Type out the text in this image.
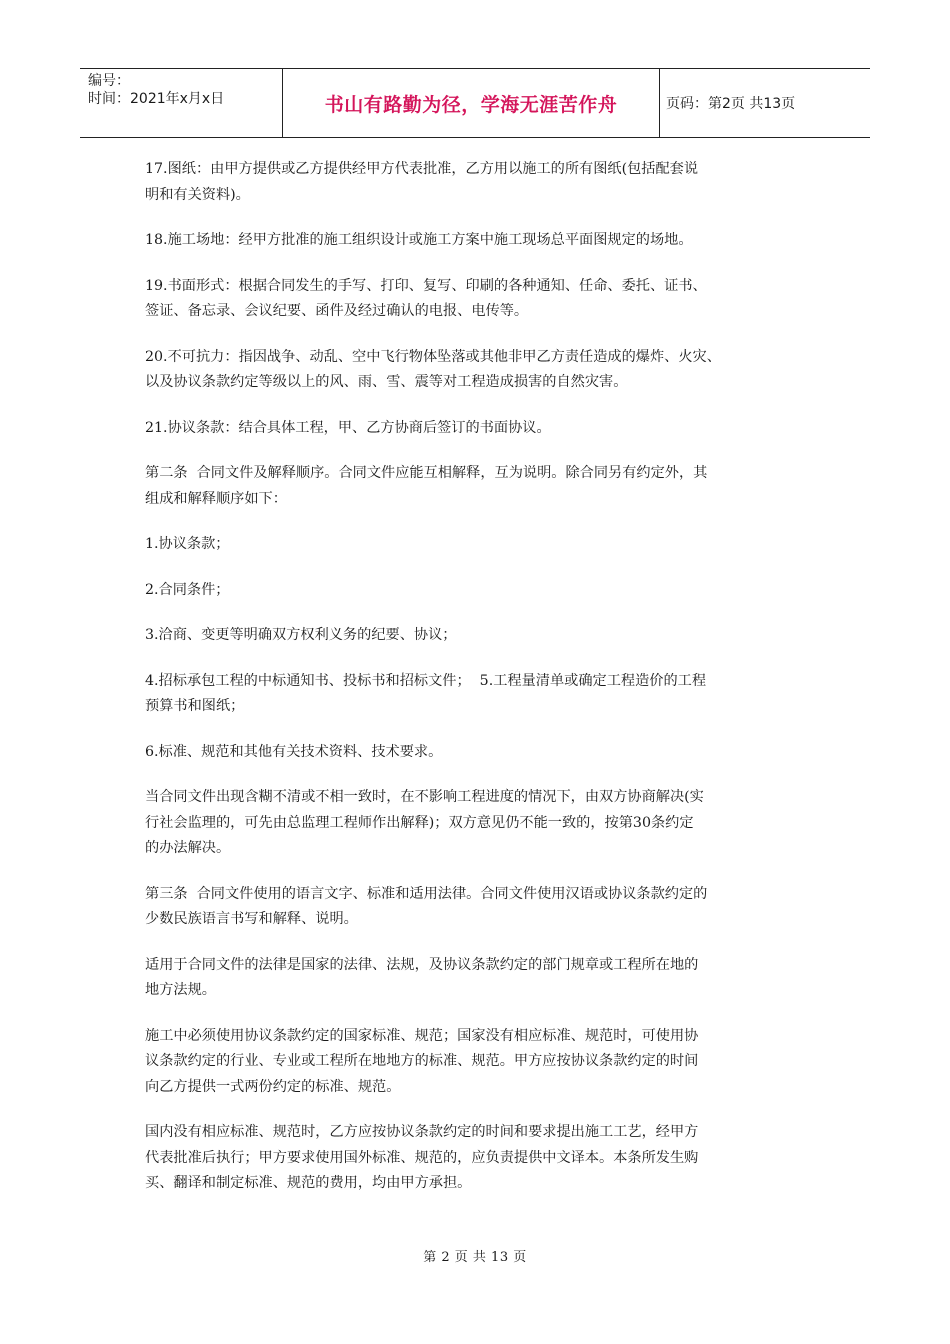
编号：
时间：2021年x月x日	书山有路勤为径，学海无涯苦作舟	页码：第2页 共13页

17.图纸：由甲方提供或乙方提供经甲方代表批准，乙方用以施工的所有图纸(包括配套说
明和有关资料)。

18.施工场地：经甲方批准的施工组织设计或施工方案中施工现场总平面图规定的场地。

19.书面形式：根据合同发生的手写、打印、复写、印刷的各种通知、任命、委托、证书、
签证、备忘录、会议纪要、函件及经过确认的电报、电传等。

20.不可抗力：指因战争、动乱、空中飞行物体坠落或其他非甲乙方责任造成的爆炸、火灾、
以及协议条款约定等级以上的风、雨、雪、震等对工程造成损害的自然灾害。

21.协议条款：结合具体工程，甲、乙方协商后签订的书面协议。

第二条  合同文件及解释顺序。合同文件应能互相解释，互为说明。除合同另有约定外，其
组成和解释顺序如下：

1.协议条款；

2.合同条件；

3.洽商、变更等明确双方权利义务的纪要、协议；

4.招标承包工程的中标通知书、投标书和招标文件；  5.工程量清单或确定工程造价的工程
预算书和图纸；

6.标准、规范和其他有关技术资料、技术要求。

当合同文件出现含糊不清或不相一致时，在不影响工程进度的情况下，由双方协商解决(实
行社会监理的，可先由总监理工程师作出解释)；双方意见仍不能一致的，按第30条约定
的办法解决。

第三条  合同文件使用的语言文字、标准和适用法律。合同文件使用汉语或协议条款约定的
少数民族语言书写和解释、说明。

适用于合同文件的法律是国家的法律、法规，及协议条款约定的部门规章或工程所在地的
地方法规。

施工中必须使用协议条款约定的国家标准、规范；国家没有相应标准、规范时，可使用协
议条款约定的行业、专业或工程所在地地方的标准、规范。甲方应按协议条款约定的时间
向乙方提供一式两份约定的标准、规范。

国内没有相应标准、规范时，乙方应按协议条款约定的时间和要求提出施工工艺，经甲方
代表批准后执行；甲方要求使用国外标准、规范的，应负责提供中文译本。本条所发生购
买、翻译和制定标准、规范的费用，均由甲方承担。

第 2 页 共 13 页
